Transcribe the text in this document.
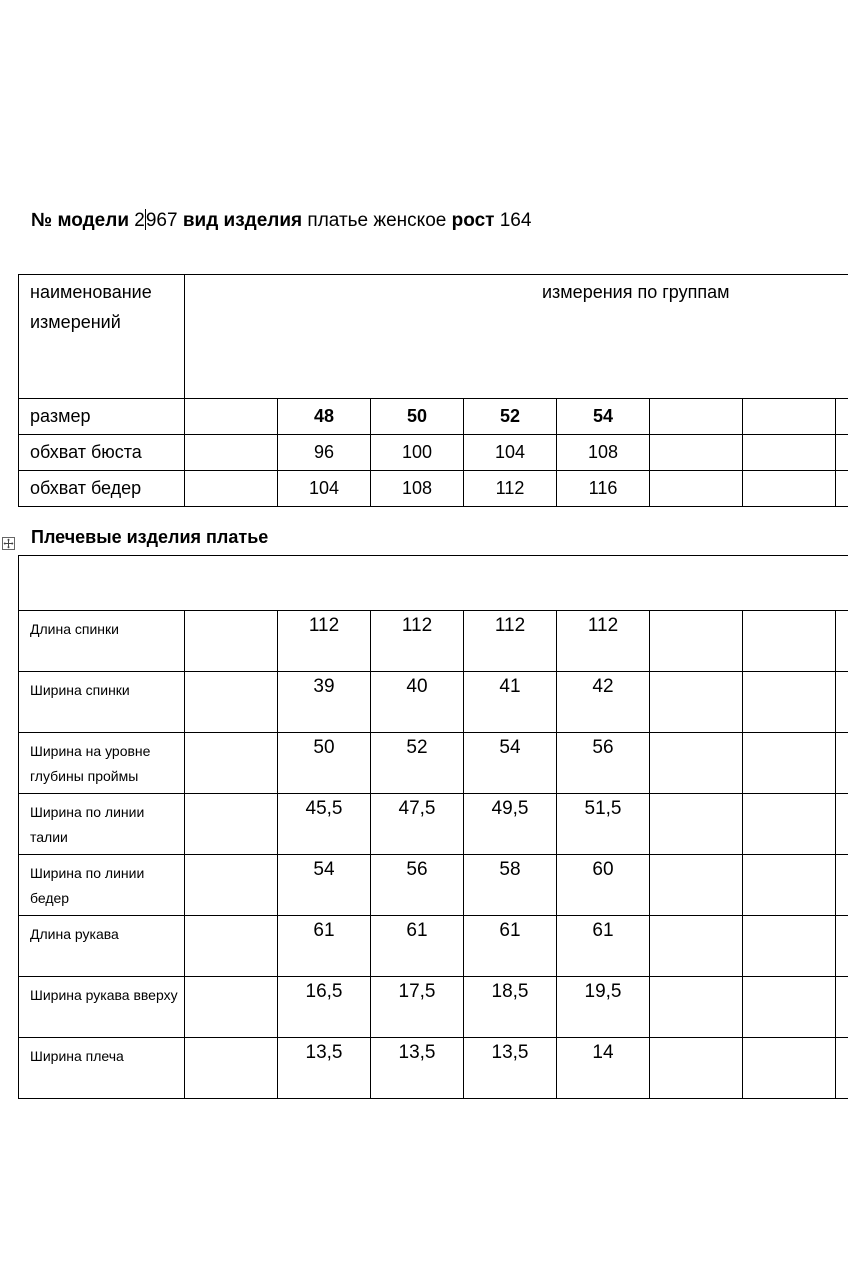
№ модели 2967 вид изделия платье женское рост 164
наименование измерений	измерения по группам							
размер		48	50	52	54			
обхват бюста		96	100	104	108			
обхват бедер		104	108	112	116			
Плечевые изделия платье

Длина спинки		112	112	112	112			
Ширина спинки		39	40	41	42			
Ширина на уровне глубины проймы		50	52	54	56			
Ширина по линии талии		45,5	47,5	49,5	51,5			
Ширина по линии бедер		54	56	58	60			
Длина рукава		61	61	61	61			
Ширина рукава вверху		16,5	17,5	18,5	19,5			
Ширина плеча		13,5	13,5	13,5	14			
